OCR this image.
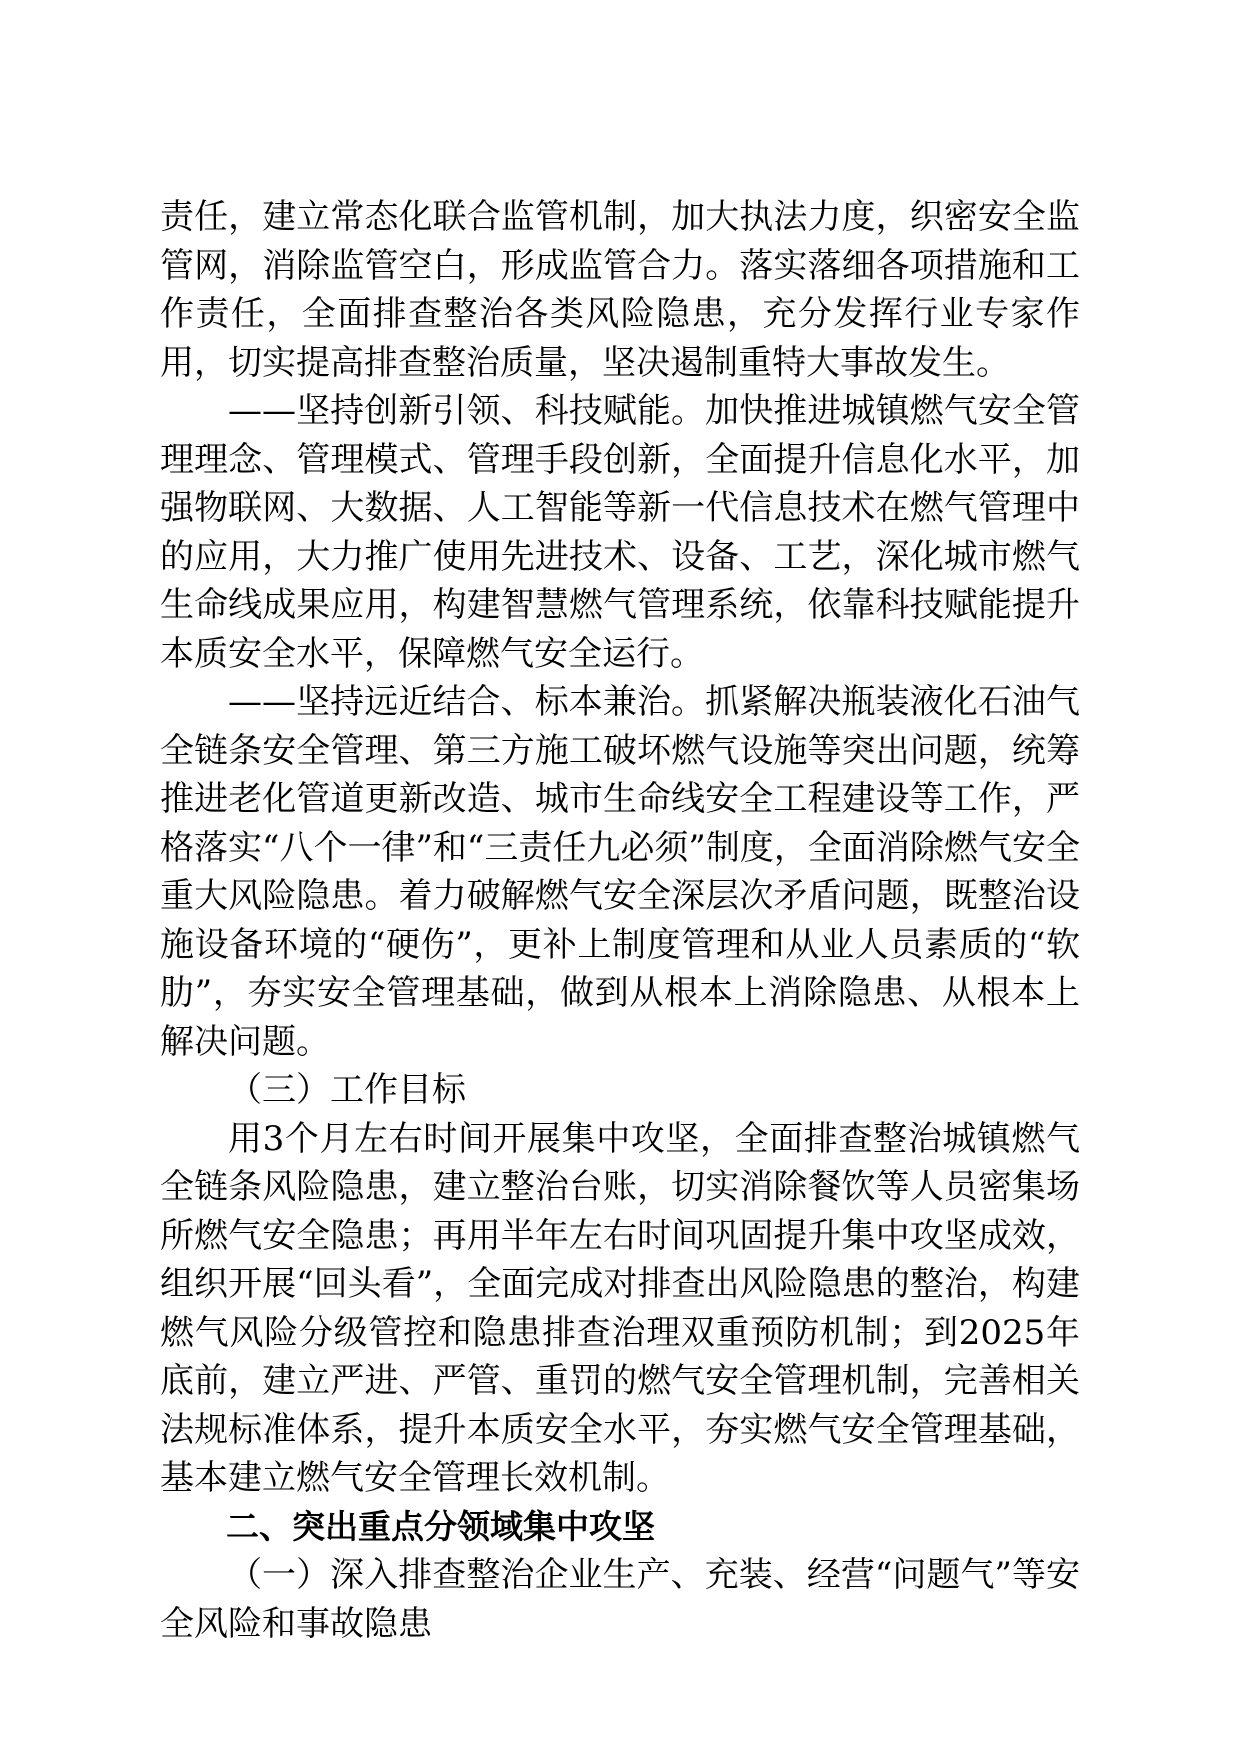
责任，建立常态化联合监管机制，加大执法力度，织密安全监管网，消除监管空白，形成监管合力。落实落细各项措施和工作责任，全面排查整治各类风险隐患，充分发挥行业专家作用，切实提高排查整治质量，坚决遏制重特大事故发生。

——坚持创新引领、科技赋能。加快推进城镇燃气安全管理理念、管理模式、管理手段创新，全面提升信息化水平，加强物联网、大数据、人工智能等新一代信息技术在燃气管理中的应用，大力推广使用先进技术、设备、工艺，深化城市燃气生命线成果应用，构建智慧燃气管理系统，依靠科技赋能提升本质安全水平，保障燃气安全运行。

——坚持远近结合、标本兼治。抓紧解决瓶装液化石油气全链条安全管理、第三方施工破坏燃气设施等突出问题，统筹推进老化管道更新改造、城市生命线安全工程建设等工作，严格落实“八个一律”和“三责任九必须”制度，全面消除燃气安全重大风险隐患。着力破解燃气安全深层次矛盾问题，既整治设施设备环境的“硬伤”，更补上制度管理和从业人员素质的“软肋”，夯实安全管理基础，做到从根本上消除隐患、从根本上解决问题。

（三）工作目标

用3个月左右时间开展集中攻坚，全面排查整治城镇燃气全链条风险隐患，建立整治台账，切实消除餐饮等人员密集场所燃气安全隐患；再用半年左右时间巩固提升集中攻坚成效，组织开展“回头看”，全面完成对排查出风险隐患的整治，构建燃气风险分级管控和隐患排查治理双重预防机制；到2025年底前，建立严进、严管、重罚的燃气安全管理机制，完善相关法规标准体系，提升本质安全水平，夯实燃气安全管理基础，基本建立燃气安全管理长效机制。

二、突出重点分领域集中攻坚

（一）深入排查整治企业生产、充装、经营“问题气”等安全风险和事故隐患
